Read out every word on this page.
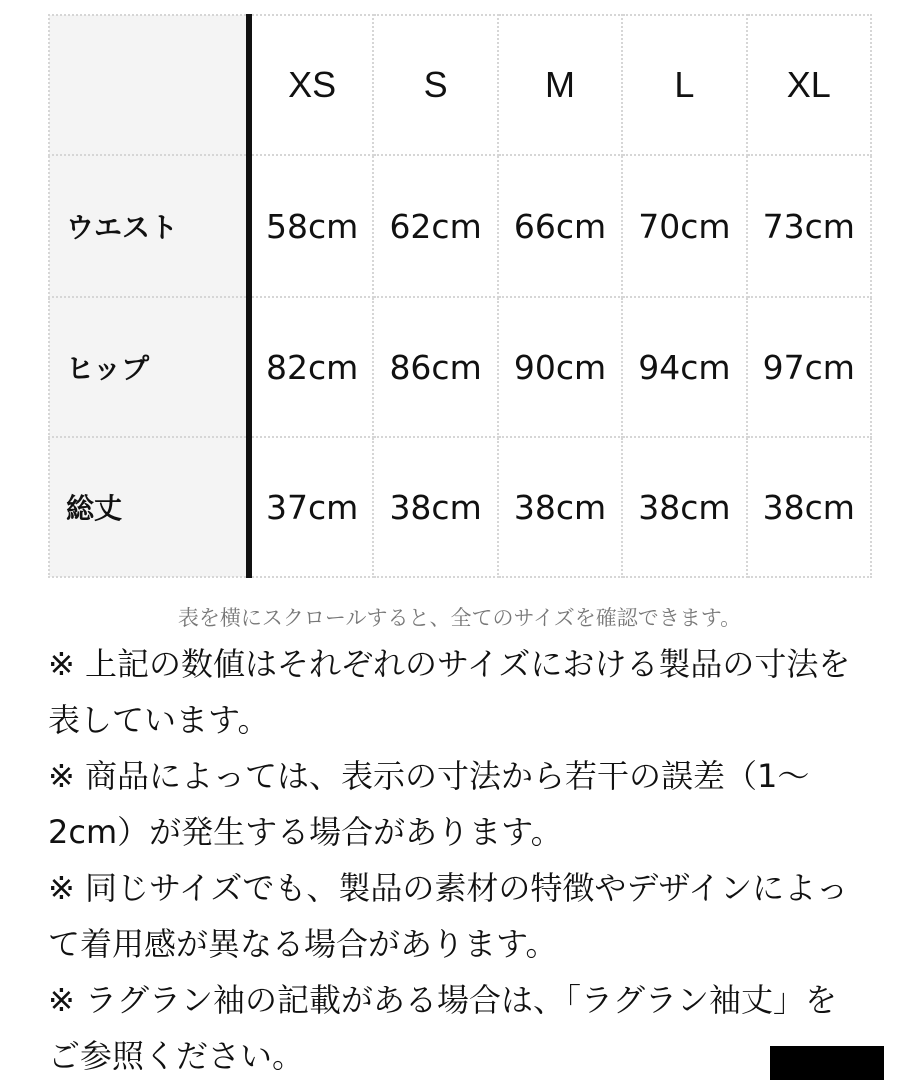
	XS	S	M	L	XL
ウエスト	58cm	62cm	66cm	70cm	73cm
ヒップ	82cm	86cm	90cm	94cm	97cm
総丈	37cm	38cm	38cm	38cm	38cm
表を横にスクロールすると、全てのサイズを確認できます。
※ 上記の数値はそれぞれのサイズにおける製品の寸法を表しています。
※ 商品によっては、表示の寸法から若干の誤差（1〜2cm）が発生する場合があります。
※ 同じサイズでも、製品の素材の特徴やデザインによって着用感が異なる場合があります。
※ ラグラン袖の記載がある場合は、「ラグラン袖丈」をご参照ください。
